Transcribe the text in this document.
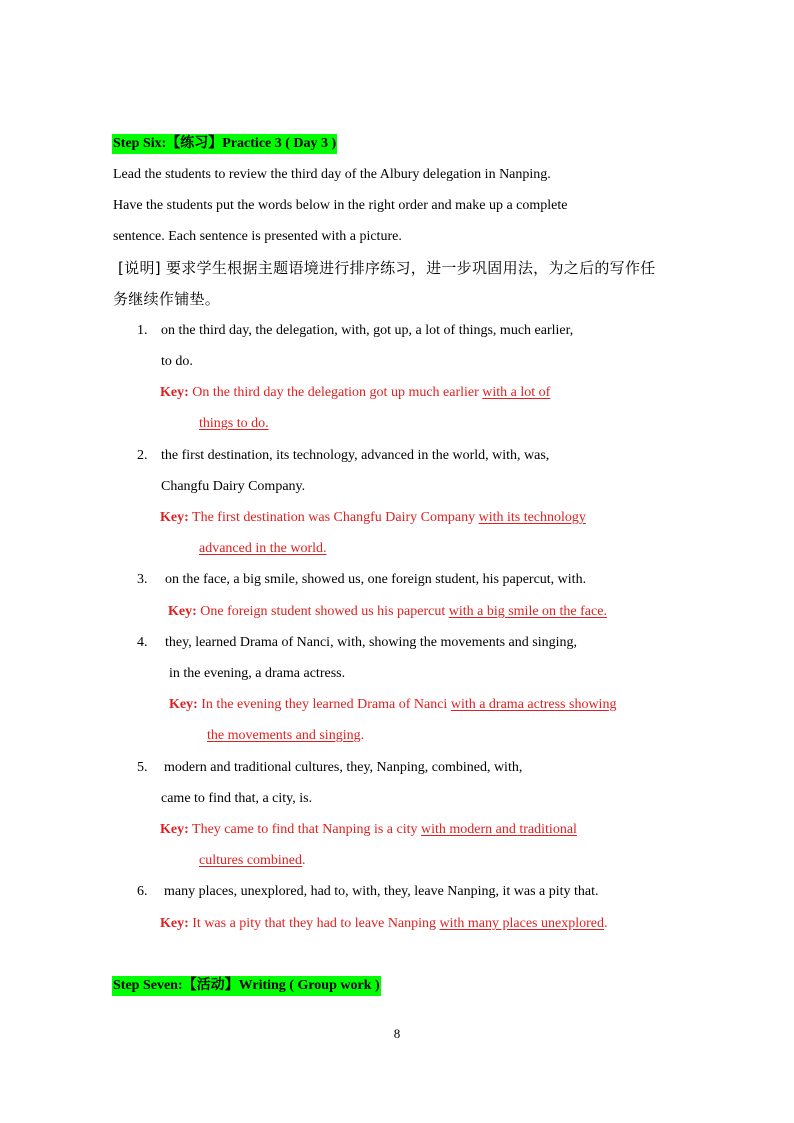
Step Six:【练习】Practice 3 ( Day 3 )
Lead the students to review the third day of the Albury delegation in Nanping.
Have the students put the words below in the right order and make up a complete
sentence. Each sentence is presented with a picture.
[说明] 要求学生根据主题语境进行排序练习，进一步巩固用法，为之后的写作任
务继续作铺垫。
1. on the third day, the delegation, with, got up, a lot of things, much earlier,
to do.
Key: On the third day the delegation got up much earlier with a lot of
things to do.
2. the first destination, its technology, advanced in the world, with, was,
Changfu Dairy Company.
Key: The first destination was Changfu Dairy Company with its technology
advanced in the world.
3. on the face, a big smile, showed us, one foreign student, his papercut, with.
Key: One foreign student showed us his papercut with a big smile on the face.
4. they, learned Drama of Nanci, with, showing the movements and singing,
in the evening, a drama actress.
Key: In the evening they learned Drama of Nanci with a drama actress showing
the movements and singing.
5. modern and traditional cultures, they, Nanping, combined, with,
came to find that, a city, is.
Key: They came to find that Nanping is a city with modern and traditional
cultures combined.
6. many places, unexplored, had to, with, they, leave Nanping, it was a pity that.
Key: It was a pity that they had to leave Nanping with many places unexplored.
Step Seven:【活动】Writing ( Group work )
8
